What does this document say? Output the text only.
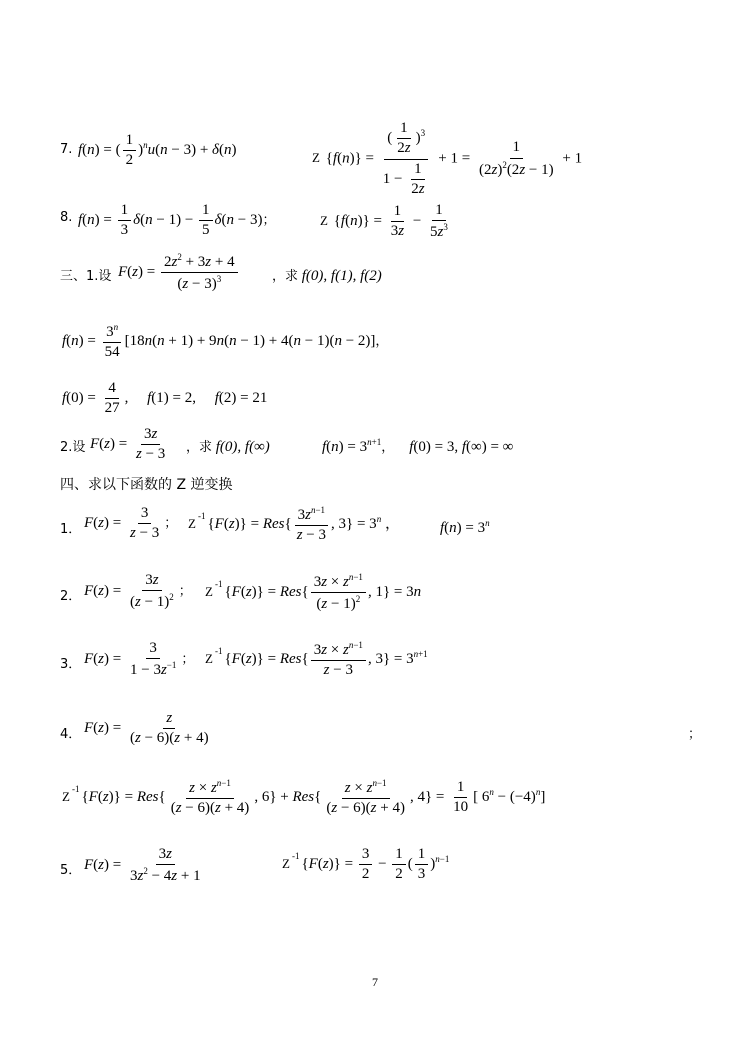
7. f(n) = ( $\frac{1}{2} )^nu(n - 3) + \delta(n)$	Z $\{f(n)\} = \frac{( \frac{1}{2z} )^3}{1 - \frac{1}{2z}} + 1 = \frac{1}{(2z)^2(2z - 1)} + 1$
8. $f(n) = \frac{1}{3} \delta(n - 1) - \frac{1}{5} \delta(n - 3)$；	Z $\{f(n)\} = \frac{1}{3z} - \frac{1}{5z^3}$
三、1.设 $F(z) = \frac{2z^2 + 3z + 4}{(z - 3)^3}$	，求 f(0), f(1), f(2)
$f(n) = \frac{3^n}{54} [18n(n + 1) + 9n(n - 1) + 4(n - 1)(n - 2)]$，
$f(0) = \frac{4}{27}$ ,     f(1) = 2,     f(2) = 21
2.设 $F(z) = \frac{3z}{z - 3}$ ，求 f(0), f(∞)	$f(n) = 3^{n+1}$， f(0) = 3, f(∞) = ∞
四、求以下函数的 Z 逆变换
1． $F(z) = \frac{3}{z - 3}$ ； Z $^{-1}$ $\{F(z)\} = Res\{ \frac{3z^{n-1}}{z - 3}$ , $3\} = 3^n$ ，	$f(n) = 3^n$
2． $F(z) = \frac{3z}{(z - 1)^2}$ ； Z $^{-1}$ $\{F(z)\} = Res\{ \frac{3z \times z^{n-1}}{(z - 1)^2}$ , 1} = 3n
3． $F(z) = \frac{3}{1 - 3z^{-1}}$ ； Z $^{-1}$ $\{F(z)\} = Res\{ \frac{3z \times z^{n-1}}{z - 3}$ , $3\} = 3^{n+1}$
4． $F(z) = \frac{z}{(z - 6)(z + 4)}$	；
Z $^{-1}$ $\{F(z)\} = Res\{ \frac{z \times z^{n-1}}{(z - 6)(z + 4)}$ , $6\} + Res\{ \frac{z \times z^{n-1}}{(z - 6)(z + 4)}$ , $4\} = \frac{1}{10}$ [ $6^n - (-4)^n$]
5． $F(z) = \frac{3z}{3z^2 - 4z + 1}$	Z $^{-1}$ $\{F(z)\} = \frac{3}{2} - \frac{1}{2}$ ( $\frac{1}{3} )^{n-1}$
7
